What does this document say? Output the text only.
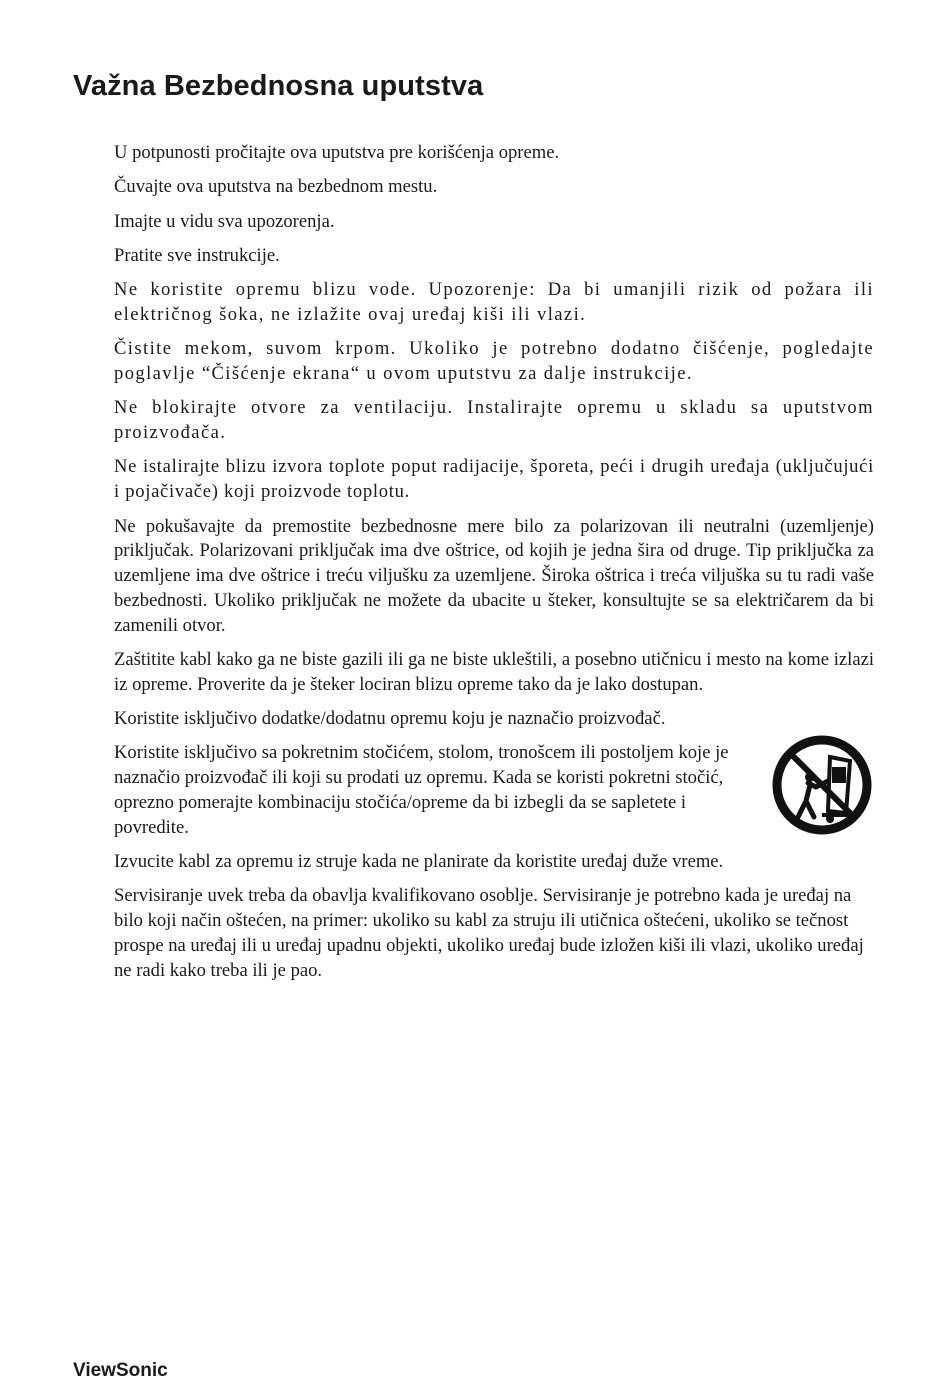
Važna Bezbednosna uputstva

U potpunosti pročitajte ova uputstva pre korišćenja opreme.

Čuvajte ova uputstva na bezbednom mestu.

Imajte u vidu sva upozorenja.

Pratite sve instrukcije.

Ne koristite opremu blizu vode. Upozorenje: Da bi umanjili rizik od požara ili električnog šoka, ne izlažite ovaj uređaj kiši ili vlazi.

Čistite mekom, suvom krpom. Ukoliko je potrebno dodatno čišćenje, pogledajte poglavlje “Čišćenje ekrana“ u ovom uputstvu za dalje instrukcije.

Ne blokirajte otvore za ventilaciju. Instalirajte opremu u skladu sa uputstvom proizvođača.

Ne istalirajte blizu izvora toplote poput radijacije, šporeta, peći i drugih uređaja (uključujući i pojačivače) koji proizvode toplotu.

Ne pokušavajte da premostite bezbednosne mere bilo za polarizovan ili neutralni (uzemljenje) priključak. Polarizovani priključak ima dve oštrice, od kojih je jedna šira od druge. Tip priključka za uzemljene ima dve oštrice i treću viljušku za uzemljene. Široka oštrica i treća viljuška su tu radi vaše bezbednosti. Ukoliko priključak ne možete da ubacite u šteker, konsultujte se sa električarem da bi zamenili otvor.

Zaštitite kabl kako ga ne biste gazili ili ga ne biste ukleštili, a posebno utičnicu i mesto na kome izlazi iz opreme. Proverite da je šteker lociran blizu opreme tako da je lako dostupan.

Koristite isključivo dodatke/dodatnu opremu koju je naznačio proizvođač.

Koristite isključivo sa pokretnim stočićem, stolom, tronošcem ili postoljem koje je naznačio proizvođač ili koji su prodati uz opremu. Kada se koristi pokretni stočić, oprezno pomerajte kombinaciju stočića/opreme da bi izbegli da se sapletete i povredite.

Izvucite kabl za opremu iz struje kada ne planirate da koristite uređaj duže vreme.

Servisiranje uvek treba da obavlja kvalifikovano osoblje. Servisiranje je potrebno kada je uređaj na bilo koji način oštećen, na primer: ukoliko su kabl za struju ili utičnica oštećeni, ukoliko se tečnost prospe na uređaj ili u uređaj upadnu objekti, ukoliko uređaj bude izložen kiši ili vlazi, ukoliko uređaj ne radi kako treba ili je pao.

ViewSonic
